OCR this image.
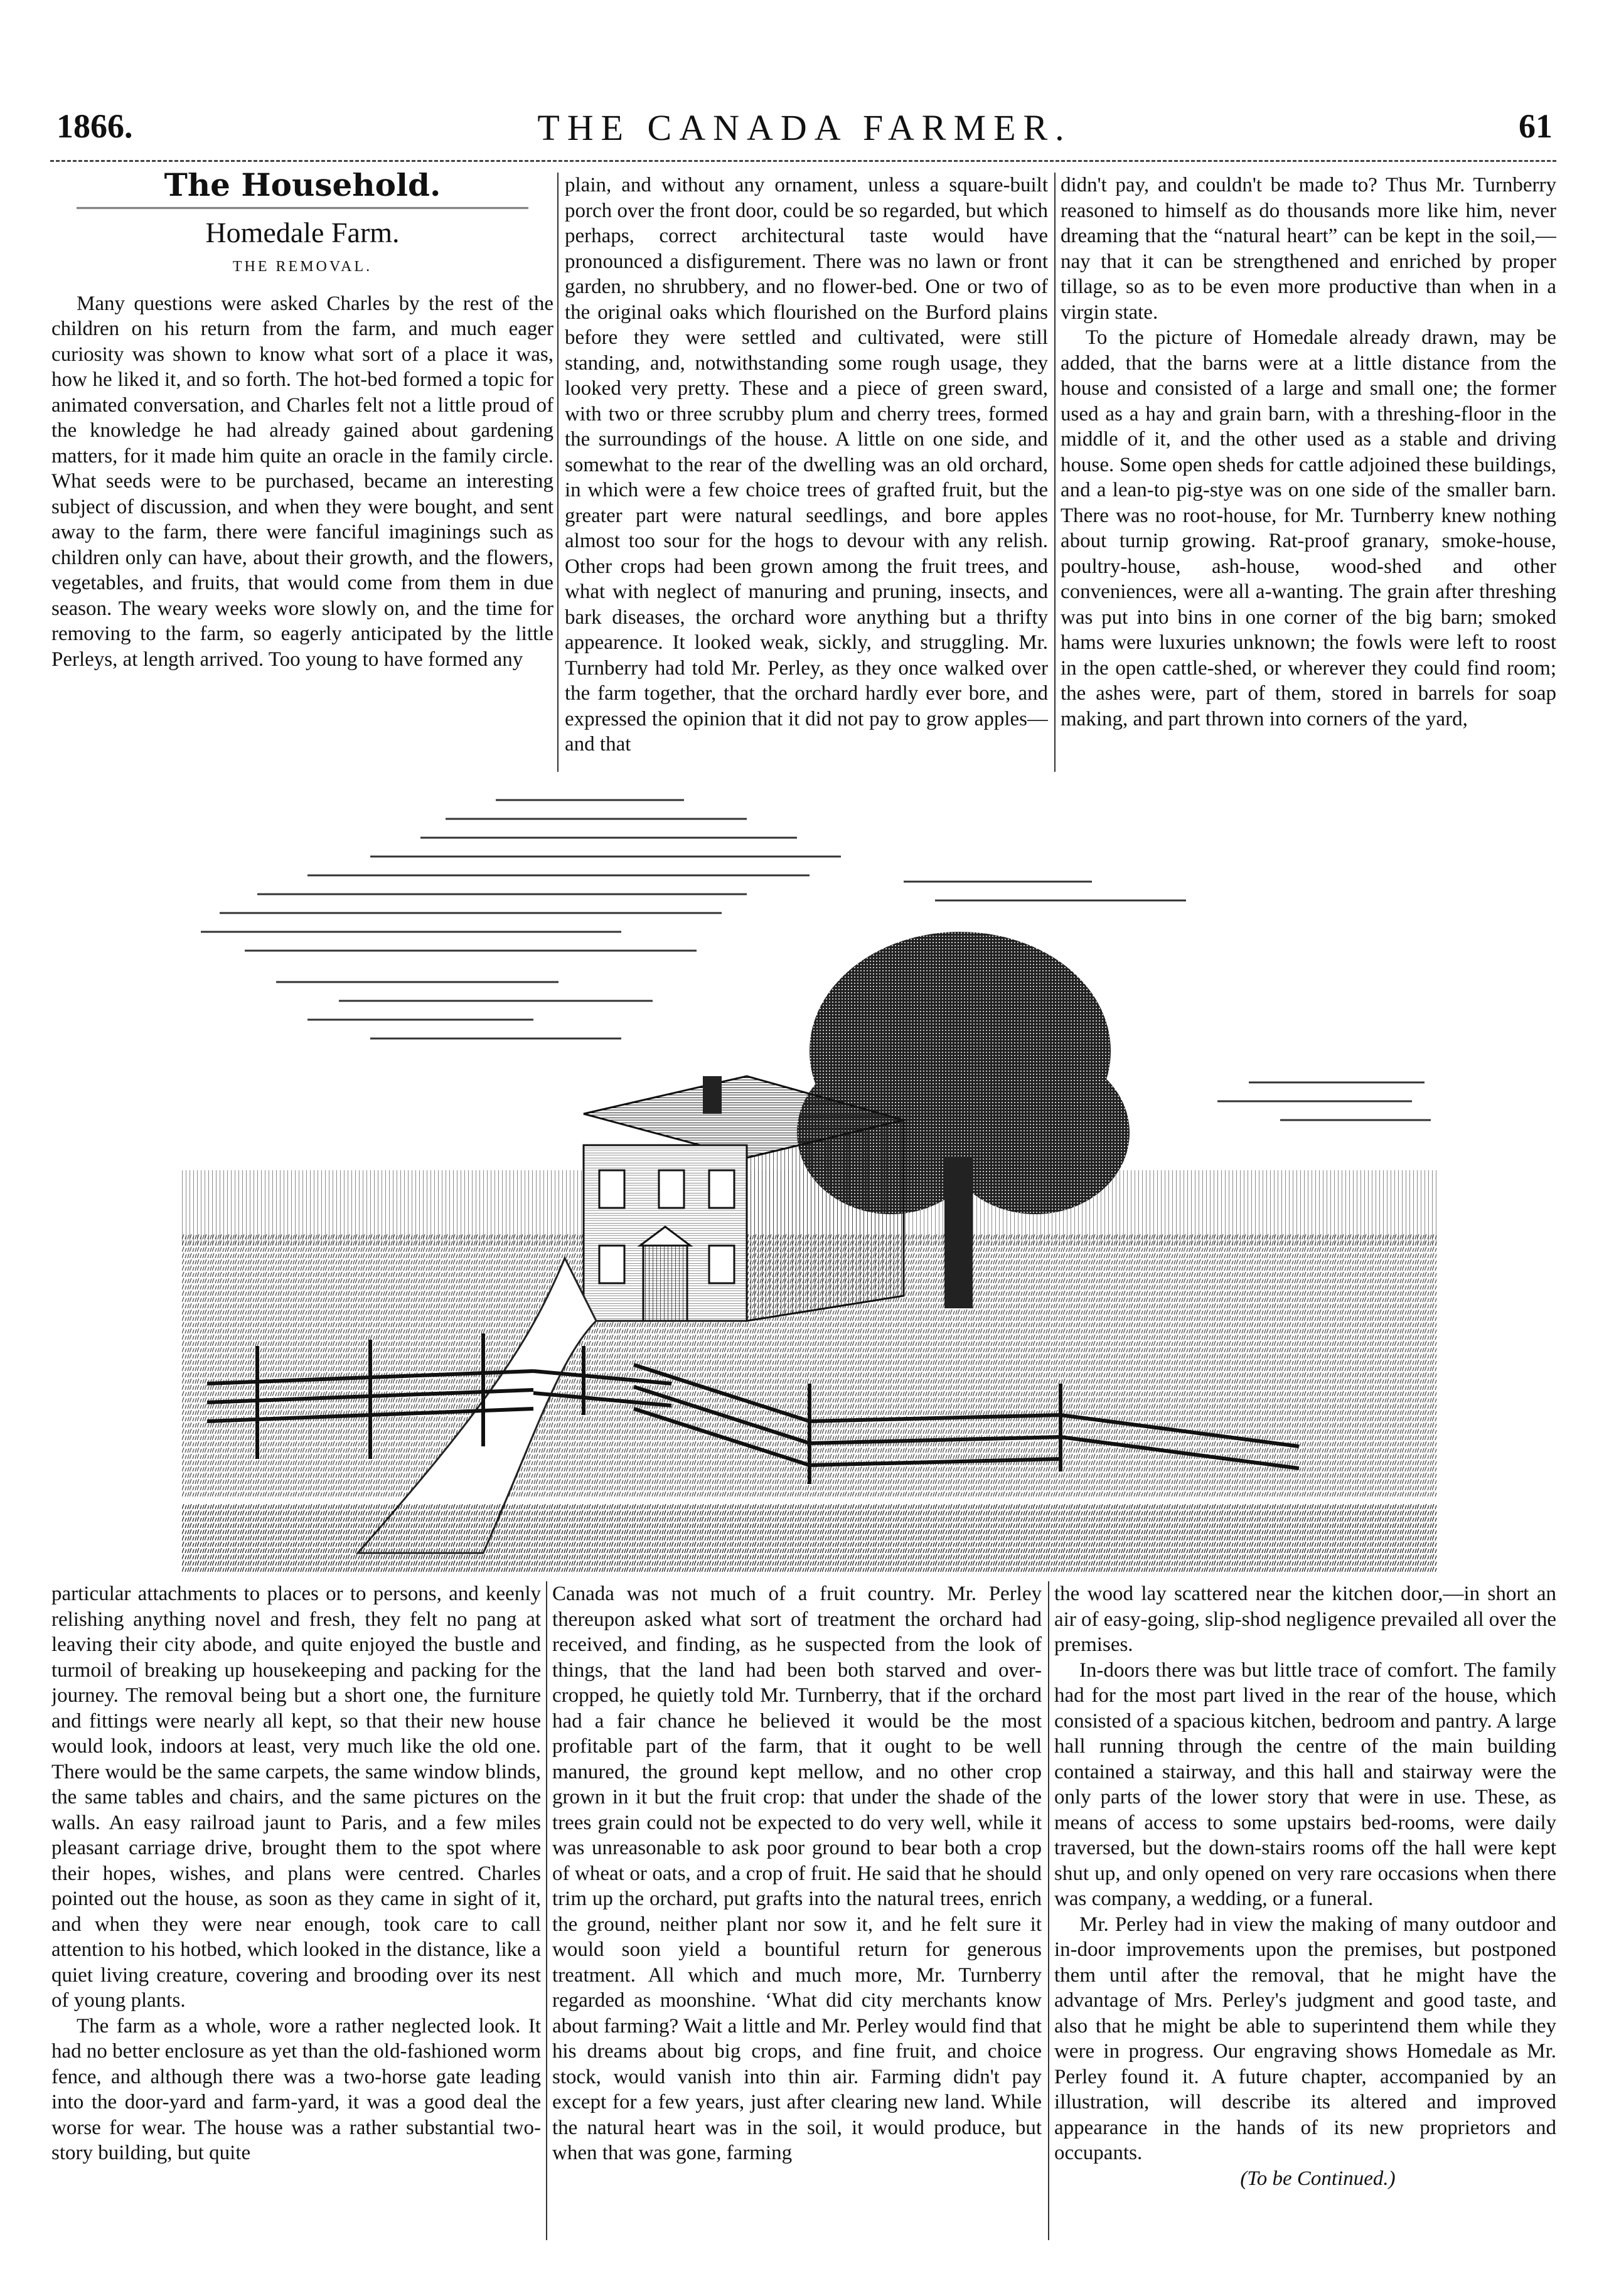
THE CANADA FARMER.
1866.	61
The Household.
Homedale Farm.
THE REMOVAL.

Many questions were asked Charles by the rest of the children on his return from the farm, and much eager curiosity was shown to know what sort of a place it was, how he liked it, and so forth. The hot-bed formed a topic for animated conversation, and Charles felt not a little proud of the knowledge he had already gained about gardening matters, for it made him quite an oracle in the family circle. What seeds were to be purchased, became an interesting subject of discussion, and when they were bought, and sent away to the farm, there were fanciful imaginings such as children only can have, about their growth, and the flowers, vegetables, and fruits, that would come from them in due season. The weary weeks wore slowly on, and the time for removing to the farm, so eagerly anticipated by the little Perleys, at length arrived. Too young to have formed any

plain, and without any ornament, unless a square-built porch over the front door, could be so regarded, but which perhaps, correct architectural taste would have pronounced a disfigurement. There was no lawn or front garden, no shrubbery, and no flower-bed. One or two of the original oaks which flourished on the Burford plains before they were settled and cultivated, were still standing, and, notwithstanding some rough usage, they looked very pretty. These and a piece of green sward, with two or three scrubby plum and cherry trees, formed the surroundings of the house. A little on one side, and somewhat to the rear of the dwelling was an old orchard, in which were a few choice trees of grafted fruit, but the greater part were natural seedlings, and bore apples almost too sour for the hogs to devour with any relish. Other crops had been grown among the fruit trees, and what with neglect of manuring and pruning, insects, and bark diseases, the orchard wore anything but a thrifty appearence. It looked weak, sickly, and struggling. Mr. Turnberry had told Mr. Perley, as they once walked over the farm together, that the orchard hardly ever bore, and expressed the opinion that it did not pay to grow apples—and that

didn't pay, and couldn't be made to? Thus Mr. Turnberry reasoned to himself as do thousands more like him, never dreaming that the “natural heart” can be kept in the soil,—nay that it can be strengthened and enriched by proper tillage, so as to be even more productive than when in a virgin state.

To the picture of Homedale already drawn, may be added, that the barns were at a little distance from the house and consisted of a large and small one; the former used as a hay and grain barn, with a threshing-floor in the middle of it, and the other used as a stable and driving house. Some open sheds for cattle adjoined these buildings, and a lean-to pig-stye was on one side of the smaller barn. There was no root-house, for Mr. Turnberry knew nothing about turnip growing. Rat-proof granary, smoke-house, poultry-house, ash-house, wood-shed and other conveniences, were all a-wanting. The grain after threshing was put into bins in one corner of the big barn; smoked hams were luxuries unknown; the fowls were left to roost in the open cattle-shed, or wherever they could find room; the ashes were, part of them, stored in barrels for soap making, and part thrown into corners of the yard,

particular attachments to places or to persons, and keenly relishing anything novel and fresh, they felt no pang at leaving their city abode, and quite enjoyed the bustle and turmoil of breaking up housekeeping and packing for the journey. The removal being but a short one, the furniture and fittings were nearly all kept, so that their new house would look, indoors at least, very much like the old one. There would be the same carpets, the same window blinds, the same tables and chairs, and the same pictures on the walls. An easy railroad jaunt to Paris, and a few miles pleasant carriage drive, brought them to the spot where their hopes, wishes, and plans were centred. Charles pointed out the house, as soon as they came in sight of it, and when they were near enough, took care to call attention to his hotbed, which looked in the distance, like a quiet living creature, covering and brooding over its nest of young plants.

The farm as a whole, wore a rather neglected look. It had no better enclosure as yet than the old-fashioned worm fence, and although there was a two-horse gate leading into the door-yard and farm-yard, it was a good deal the worse for wear. The house was a rather substantial two-story building, but quite

Canada was not much of a fruit country. Mr. Perley thereupon asked what sort of treatment the orchard had received, and finding, as he suspected from the look of things, that the land had been both starved and over-cropped, he quietly told Mr. Turnberry, that if the orchard had a fair chance he believed it would be the most profitable part of the farm, that it ought to be well manured, the ground kept mellow, and no other crop grown in it but the fruit crop: that under the shade of the trees grain could not be expected to do very well, while it was unreasonable to ask poor ground to bear both a crop of wheat or oats, and a crop of fruit. He said that he should trim up the orchard, put grafts into the natural trees, enrich the ground, neither plant nor sow it, and he felt sure it would soon yield a bountiful return for generous treatment. All which and much more, Mr. Turnberry regarded as moonshine. ‘What did city merchants know about farming? Wait a little and Mr. Perley would find that his dreams about big crops, and fine fruit, and choice stock, would vanish into thin air. Farming didn't pay except for a few years, just after clearing new land. While the natural heart was in the soil, it would produce, but when that was gone, farming

the wood lay scattered near the kitchen door,—in short an air of easy-going, slip-shod negligence prevailed all over the premises.

In-doors there was but little trace of comfort. The family had for the most part lived in the rear of the house, which consisted of a spacious kitchen, bedroom and pantry. A large hall running through the centre of the main building contained a stairway, and this hall and stairway were the only parts of the lower story that were in use. These, as means of access to some upstairs bed-rooms, were daily traversed, but the down-stairs rooms off the hall were kept shut up, and only opened on very rare occasions when there was company, a wedding, or a funeral.

Mr. Perley had in view the making of many outdoor and in-door improvements upon the premises, but postponed them until after the removal, that he might have the advantage of Mrs. Perley's judgment and good taste, and also that he might be able to superintend them while they were in progress. Our engraving shows Homedale as Mr. Perley found it. A future chapter, accompanied by an illustration, will describe its altered and improved appearance in the hands of its new proprietors and occupants.

(To be Continued.)
